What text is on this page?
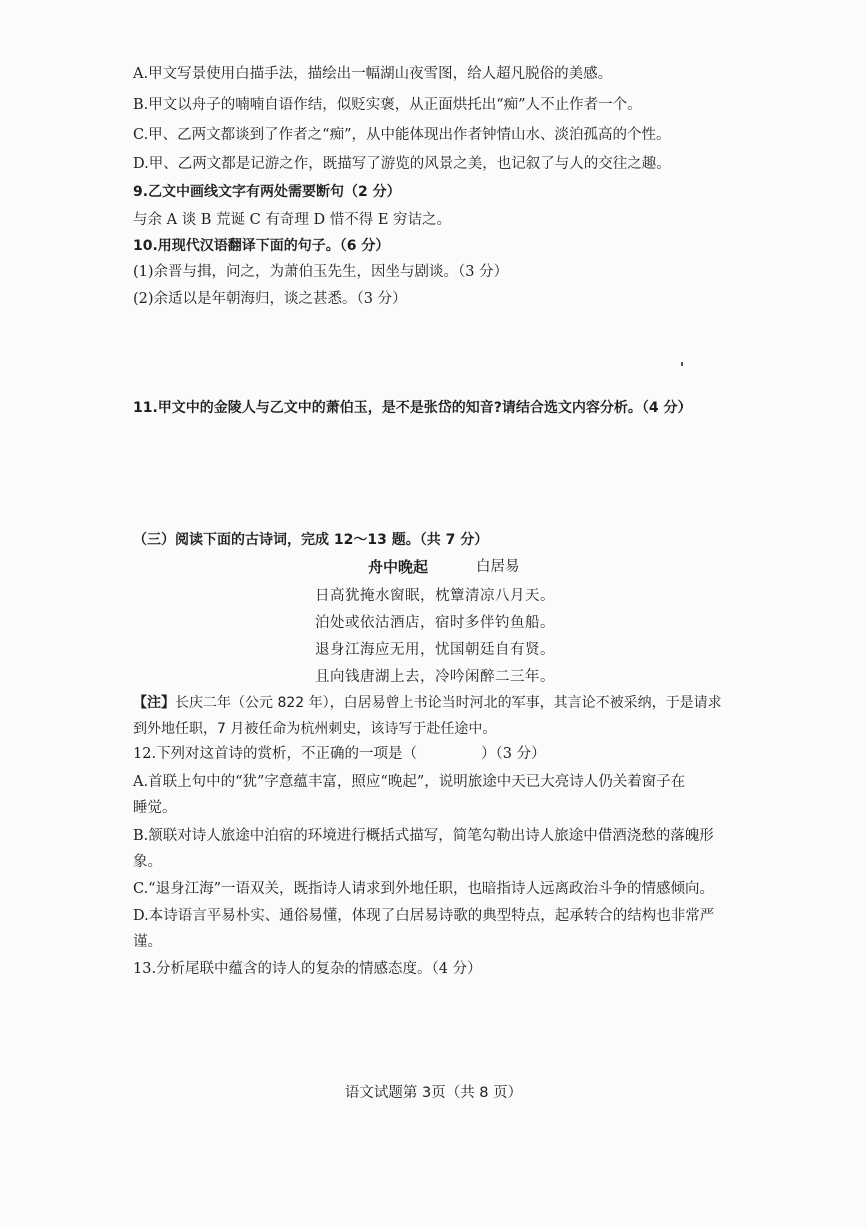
A.甲文写景使用白描手法，描绘出一幅湖山夜雪图，给人超凡脱俗的美感。
B.甲文以舟子的喃喃自语作结，似贬实褒，从正面烘托出“痴”人不止作者一个。
C.甲、乙两文都谈到了作者之“痴”，从中能体现出作者钟情山水、淡泊孤高的个性。
D.甲、乙两文都是记游之作，既描写了游览的风景之美，也记叙了与人的交往之趣。
9.乙文中画线文字有两处需要断句（2 分）
与余 A 谈 B 荒诞 C 有奇理 D 惜不得 E 穷诘之。
10.用现代汉语翻译下面的句子。（6 分）
(1)余晋与揖，问之，为萧伯玉先生，因坐与剧谈。（3 分）
(2)余适以是年朝海归，谈之甚悉。（3 分）
11.甲文中的金陵人与乙文中的萧伯玉，是不是张岱的知音?请结合选文内容分析。（4 分）
（三）阅读下面的古诗词，完成 12～13 题。（共 7 分）
舟中晚起	白居易
日高犹掩水窗眠，枕簟清凉八月天。
泊处或依沽酒店，宿时多伴钓鱼船。
退身江海应无用，忧国朝廷自有贤。
且向钱唐湖上去，冷吟闲醉二三年。
【注】长庆二年（公元 822 年），白居易曾上书论当时河北的军事，其言论不被采纳，于是请求
到外地任职，7 月被任命为杭州刺史，该诗写于赴任途中。
12.下列对这首诗的赏析，不正确的一项是（	）（3 分）
A.首联上句中的“犹”字意蕴丰富，照应“晚起”，说明旅途中天已大亮诗人仍关着窗子在
睡觉。
B.颔联对诗人旅途中泊宿的环境进行概括式描写，简笔勾勒出诗人旅途中借酒浇愁的落魄形
象。
C.“退身江海”一语双关，既指诗人请求到外地任职，也暗指诗人远离政治斗争的情感倾向。
D.本诗语言平易朴实、通俗易懂，体现了白居易诗歌的典型特点，起承转合的结构也非常严
谨。
13.分析尾联中蕴含的诗人的复杂的情感态度。（4 分）
语文试题第 3页（共 8 页）
